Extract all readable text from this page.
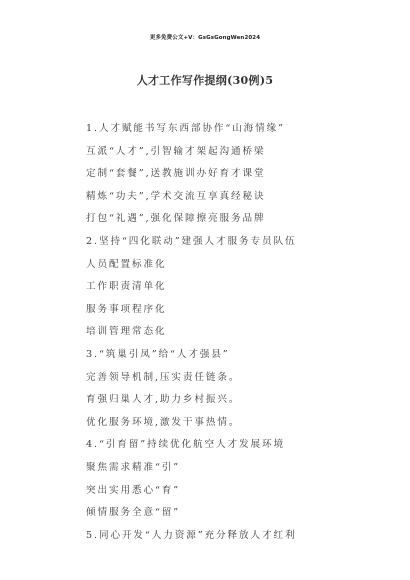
更多免费公文+V：GsGsGongWen2024
人才工作写作提纲(30例)5
1.人才赋能书写东西部协作“山海情缘”
互派“人才”,引智输才架起沟通桥梁
定制“套餐”,送教施训办好育才课堂
精炼“功夫”,学术交流互享真经秘诀
打包“礼遇”,强化保障擦亮服务品牌
2.坚持“四化联动”建强人才服务专员队伍
人员配置标准化
工作职责清单化
服务事项程序化
培训管理常态化
3.“筑巢引凤”给“人才强县”
完善领导机制,压实责任链条。
育强归巢人才,助力乡村振兴。
优化服务环境,激发干事热情。
4.“引育留”持续优化航空人才发展环境
聚焦需求精准“引”
突出实用悉心“育”
倾情服务全意“留”
5.同心开发“人力资源”充分释放人才红利
